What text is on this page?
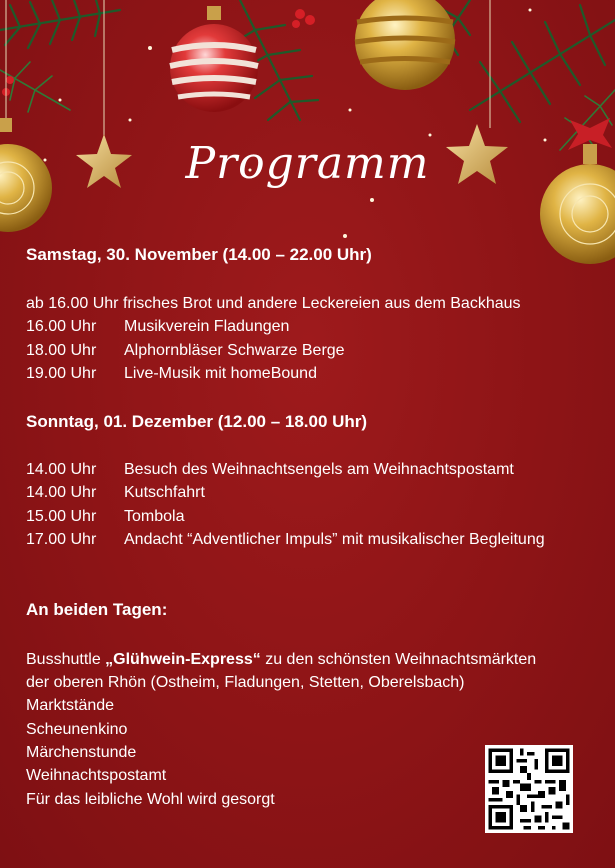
Programm
Samstag, 30. November (14.00 – 22.00 Uhr)
ab 16.00 Uhr frisches Brot und andere Leckereien aus dem Backhaus
16.00 Uhr Musikverein Fladungen
18.00 Uhr Alphornbläser Schwarze Berge
19.00 Uhr Live-Musik mit homeBound
Sonntag, 01. Dezember (12.00 – 18.00 Uhr)
14.00 Uhr Besuch des Weihnachtsengels am Weihnachtspostamt
14.00 Uhr Kutschfahrt
15.00 Uhr Tombola
17.00 Uhr Andacht “Adventlicher Impuls” mit musikalischer Begleitung
An beiden Tagen:
Busshuttle „Glühwein-Express“ zu den schönsten Weihnachtsmärkten
der oberen Rhön (Ostheim, Fladungen, Stetten, Oberelsbach)
Marktstände
Scheunenkino
Märchenstunde
Weihnachtspostamt
Für das leibliche Wohl wird gesorgt
